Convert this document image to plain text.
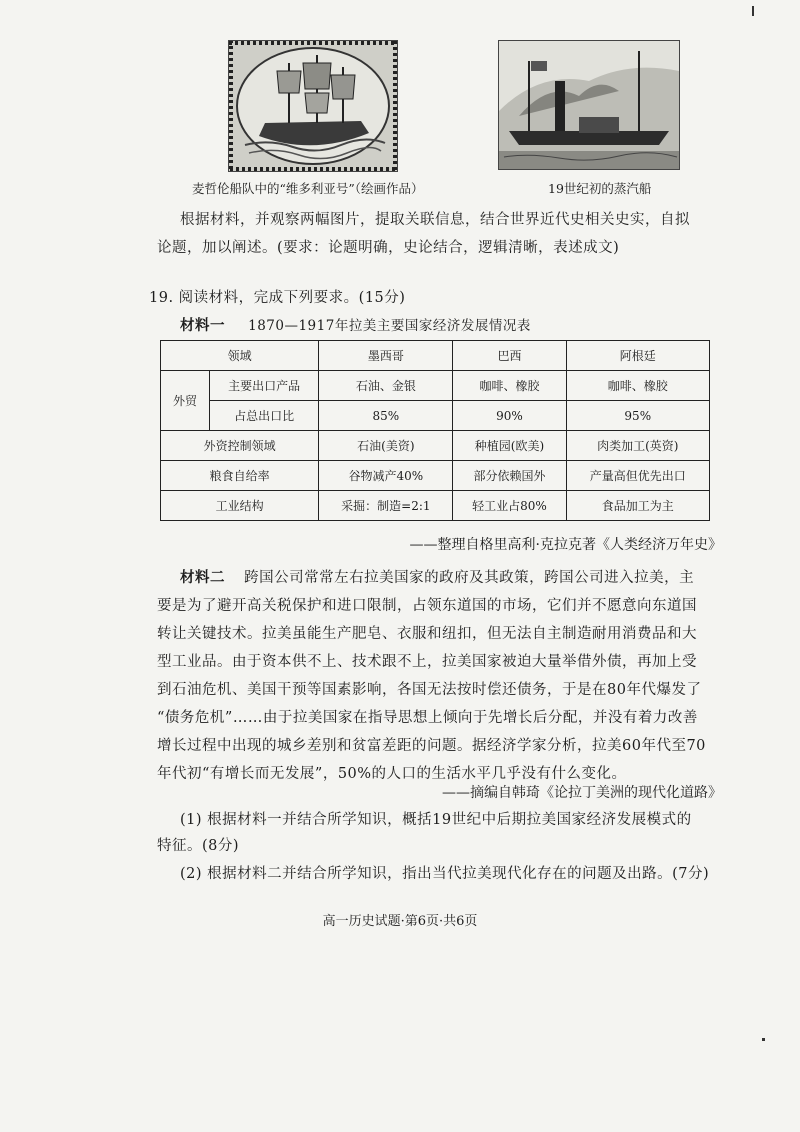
麦哲伦船队中的“维多利亚号”（绘画作品）	19世纪初的蒸汽船
根据材料，并观察两幅图片，提取关联信息，结合世界近代史相关史实，自拟
论题，加以阐述。(要求：论题明确，史论结合，逻辑清晰，表述成文)
19. 阅读材料，完成下列要求。(15分)
材料一 1870—1917年拉美主要国家经济发展情况表
领域		墨西哥	巴西	阿根廷
外贸	主要出口产品	石油、金银	咖啡、橡胶	咖啡、橡胶
	占总出口比	85%	90%	95%
外资控制领域		石油(美资)	种植园(欧美)	肉类加工(英资)
粮食自给率		谷物减产40%	部分依赖国外	产量高但优先出口
工业结构		采掘：制造=2:1	轻工业占80%	食品加工为主
——整理自格里高利·克拉克著《人类经济万年史》
材料二 跨国公司常常左右拉美国家的政府及其政策，跨国公司进入拉美，主
要是为了避开高关税保护和进口限制，占领东道国的市场，它们并不愿意向东道国
转让关键技术。拉美虽能生产肥皂、衣服和纽扣，但无法自主制造耐用消费品和大
型工业品。由于资本供不上、技术跟不上，拉美国家被迫大量举借外债，再加上受
到石油危机、美国干预等国素影响，各国无法按时偿还债务，于是在80年代爆发了
“债务危机”……由于拉美国家在指导思想上倾向于先增长后分配，并没有着力改善
增长过程中出现的城乡差别和贫富差距的问题。据经济学家分析，拉美60年代至70
年代初“有增长而无发展”，50%的人口的生活水平几乎没有什么变化。
——摘编自韩琦《论拉丁美洲的现代化道路》
(1) 根据材料一并结合所学知识，概括19世纪中后期拉美国家经济发展模式的
特征。(8分)
(2) 根据材料二并结合所学知识，指出当代拉美现代化存在的问题及出路。(7分)
高一历史试题·第6页·共6页
